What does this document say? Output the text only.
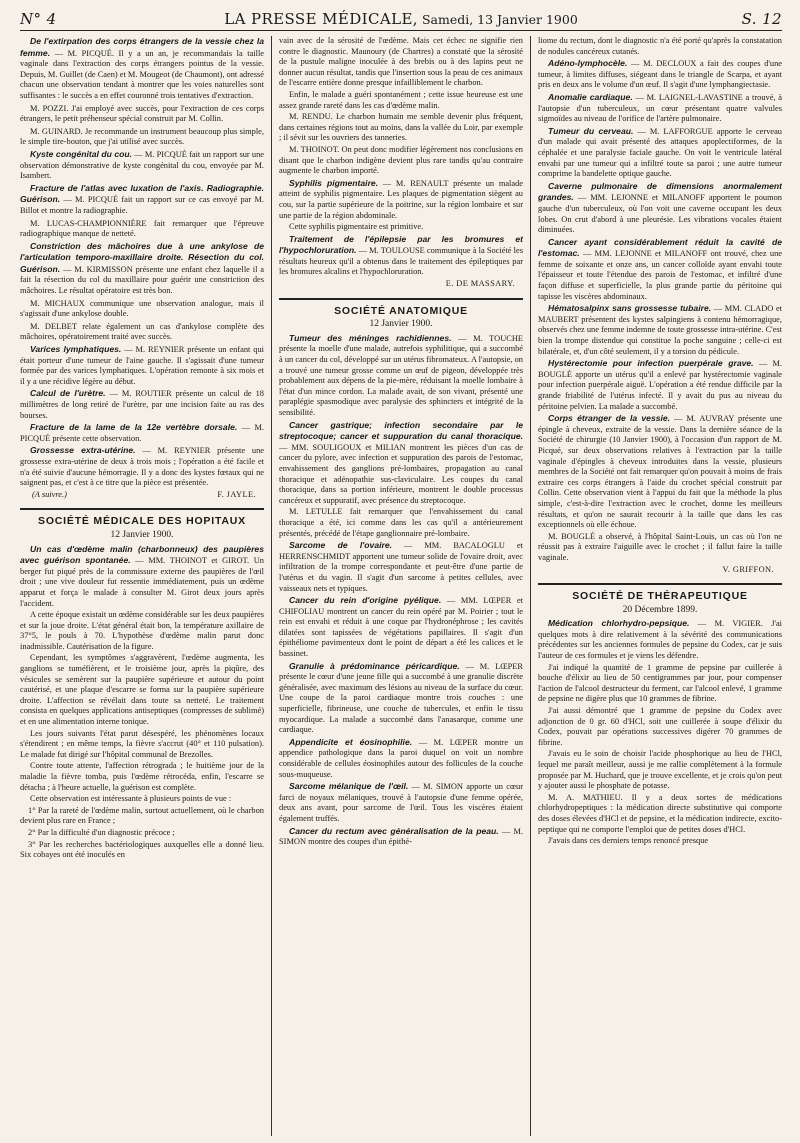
N° 4	LA PRESSE MÉDICALE, Samedi, 13 Janvier 1900	S. 12

De l'extirpation des corps étrangers de la vessie chez la femme. — M. PICQUÉ. Il y a un an, je recommandais la taille vaginale dans l'extraction des corps étrangers pointus de la vessie. Depuis, M. Guillet (de Caen) et M. Mougeot (de Chaumont), ont adressé chacun une observation tendant à montrer que les voies naturelles sont suffisantes : le succès a en effet couronné trois tentatives d'extraction.

M. POZZI. J'ai employé avec succès, pour l'extraction de ces corps étrangers, le petit préhenseur spécial construit par M. Collin.

M. GUINARD. Je recommande un instrument beaucoup plus simple, le simple tire-bouton, que j'ai utilisé avec succès.

Kyste congénital du cou. — M. PICQUÉ fait un rapport sur une observation démonstrative de kyste congénital du cou, envoyée par M. Isambert.

Fracture de l'atlas avec luxation de l'axis. Radiographie. Guérison. — M. PICQUÉ fait un rapport sur ce cas envoyé par M. Billot et montre la radiographie.

M. LUCAS-CHAMPIONNIÈRE fait remarquer que l'épreuve radiographique manque de netteté.

Constriction des mâchoires due à une ankylose de l'articulation temporo-maxillaire droite. Résection du col. Guérison. — M. KIRMISSON présente une enfant chez laquelle il a fait la résection du col du maxillaire pour guérir une constriction des mâchoires. Le résultat opératoire est très bon.

M. MICHAUX communique une observation analogue, mais il s'agissait d'une ankylose double.

M. DELBET relate également un cas d'ankylose complète des mâchoires, opératoirement traité avec succès.

Varices lymphatiques. — M. REYNIER présente un enfant qui était porteur d'une tumeur de l'aine gauche. Il s'agissait d'une tumeur formée par des varices lymphatiques. L'opération remonte à six mois et il y a une récidive légère au début.

Calcul de l'urètre. — M. ROUTIER présente un calcul de 18 millimètres de long retiré de l'urètre, par une incision faite au ras des bourses.

Fracture de la lame de la 12e vertèbre dorsale. — M. PICQUÉ présente cette observation.

Grossesse extra-utérine. — M. REYNIER présente une grossesse extra-utérine de deux à trois mois ; l'opération a été facile et n'a été suivie d'aucune hémorragie. Il y a donc des kystes fœtaux qui ne saignent pas, et c'est à ce titre que la pièce est présentée.

(A suivre.)	F. JAYLE.
SOCIÉTÉ MÉDICALE DES HOPITAUX
12 Janvier 1900.

Un cas d'œdème malin (charbonneux) des paupières avec guérison spontanée. — MM. THOINOT et GIROT. Un berger fut piqué près de la commissure externe des paupières de l'œil droit ; une vive douleur fut ressentie immédiatement, puis un œdème apparut et força le malade à consulter M. Girot deux jours après l'accident.

A cette époque existait un œdème considérable sur les deux paupières et sur la joue droite. L'état général était bon, la température axillaire de 37°5, le pouls à 70. L'hypothèse d'œdème malin parut donc inadmissible. Cautérisation de la figure.

Cependant, les symptômes s'aggravèrent, l'œdème augmenta, les ganglions se tuméfièrent, et le troisième jour, après la piqûre, des vésicules se semèrent sur la paupière supérieure et autour du point cautérisé, et une plaque d'escarre se forma sur la paupière supérieure droite. L'affection se révélait dans toute sa netteté. Le traitement consista en quelques applications antiseptiques (compresses de sublimé) et en une alimentation interne tonique.

Les jours suivants l'état parut désespéré, les phénomènes locaux s'étendirent ; en même temps, la fièvre s'accrut (40° et 110 pulsation). Le malade fut dirigé sur l'hôpital communal de Brezolles.

Contre toute attente, l'affection rétrograda ; le huitième jour de la maladie la fièvre tomba, puis l'œdème rétrocéda, enfin, l'escarre se détacha ; à l'heure actuelle, la guérison est complète.

Cette observation est intéressante à plusieurs points de vue :

1° Par la rareté de l'œdème malin, surtout actuellement, où le charbon devient plus rare en France ;

2° Par la difficulté d'un diagnostic précoce ;

3° Par les recherches bactériologiques auxquelles elle a donné lieu. Six cobayes ont été inoculés en

vain avec de la sérosité de l'œdème. Mais cet échec ne signifie rien contre le diagnostic. Maunoury (de Chartres) a constaté que la sérosité de la pustule maligne inoculée à des brebis ou à des lapins peut ne donner aucun résultat, tandis que l'insertion sous la peau de ces animaux de l'escarre entière donne presque infailliblement le charbon.

Enfin, le malade a guéri spontanément ; cette issue heureuse est une assez grande rareté dans les cas d'œdème malin.

M. RENDU. Le charbon humain me semble devenir plus fréquent, dans certaines régions tout au moins, dans la vallée du Loir, par exemple ; il sévit sur les ouvriers des tanneries.

M. THOINOT. On peut donc modifier légèrement nos conclusions en disant que le charbon indigène devient plus rare tandis qu'au contraire augmente le charbon importé.

Syphilis pigmentaire. — M. RENAULT présente un malade atteint de syphilis pigmentaire. Les plaques de pigmentation siègent au cou, sur la partie supérieure de la poitrine, sur la région lombaire et sur une partie de la région abdominale.

Cette syphilis pigmentaire est primitive.

Traitement de l'épilepsie par les bromures et l'hypochloruration. — M. TOULOUSE communique à la Société les résultats heureux qu'il a obtenus dans le traitement des épileptiques par les bromures alcalins et l'hypochloruration.

E. DE MASSARY.
SOCIÉTÉ ANATOMIQUE
12 Janvier 1900.

Tumeur des méninges rachidiennes. — M. TOUCHE présente la moelle d'une malade, autrefois syphilitique, qui a succombé à un cancer du col, développé sur un utérus fibromateux. A l'autopsie, on a trouvé une tumeur grosse comme un œuf de pigeon, développée très probablement aux dépens de la pie-mère, réduisant la moelle lombaire à l'état d'un mince cordon. La malade avait, de son vivant, présenté une paraplégie spasmodique avec paralysie des sphincters et intégrité de la sensibilité.

Cancer gastrique; infection secondaire par le streptocoque; cancer et suppuration du canal thoracique. — MM. SOULIGOUX et MILIAN montrent les pièces d'un cas de cancer du pylore, avec infection et suppuration des parois de l'estomac, envahissement des ganglions pré-lombaires, propagation au canal thoracique et adénopathie sus-claviculaire. Les coupes du canal thoracique, dans sa portion inférieure, montrent le double processus cancéreux et suppuratif, avec présence du streptocoque.

M. LETULLE fait remarquer que l'envahissement du canal thoracique a été, ici comme dans les cas qu'il a antérieurement présentés, précédé de l'étape ganglionnaire pré-lombaire.

Sarcome de l'ovaire. — MM. BACALOGLU et HERRENSCHMIDT apportent une tumeur solide de l'ovaire droit, avec infiltration de la trompe correspondante et peut-être d'une partie de l'utérus et du vagin. Il s'agit d'un sarcome à petites cellules, avec vaisseaux nets et typiques.

Cancer du rein d'origine pyélique. — MM. LŒPER et CHIFOLIAU montrent un cancer du rein opéré par M. Poirier ; tout le rein est envahi et réduit à une coque par l'hydronéphrose ; les cavités dilatées sont tapissées de végétations papillaires. Il s'agit d'un épithéliome pavimenteux dont le point de départ a été les calices et le bassinet.

Granulie à prédominance péricardique. — M. LŒPER présente le cœur d'une jeune fille qui a succombé à une granulie discrète généralisée, avec maximum des lésions au niveau de la surface du cœur. Une coupe de la paroi cardiaque montre trois couches : une superficielle, fibrineuse, une couche de tubercules, et enfin le tissu myocardique. La malade a succombé dans l'anasarque, comme une cardiaque.

Appendicite et éosinophilie. — M. LŒPER montre un appendice pathologique dans la paroi duquel on voit un nombre considérable de cellules éosinophiles autour des follicules de la couche sous-muqueuse.

Sarcome mélanique de l'œil. — M. SIMON apporte un cœur farci de noyaux mélaniques, trouvé à l'autopsie d'une femme opérée, deux ans avant, pour sarcome de l'œil. Tous les viscères étaient également truffés.

Cancer du rectum avec généralisation de la peau. — M. SIMON montre des coupes d'un épithé-

liome du rectum, dont le diagnostic n'a été porté qu'après la constatation de nodules cancéreux cutanés.

Adéno-lymphocèle. — M. DECLOUX a fait des coupes d'une tumeur, à limites diffuses, siégeant dans le triangle de Scarpa, et ayant pris en deux ans le volume d'un œuf. Il s'agit d'une lymphangiectasie.

Anomalie cardiaque. — M. LAIGNEL-LAVASTINE a trouvé, à l'autopsie d'un tuberculeux, un cœur présentant quatre valvules sigmoïdes au niveau de l'orifice de l'artère pulmonaire.

Tumeur du cerveau. — M. LAFFORGUE apporte le cerveau d'un malade qui avait présenté des attaques apoplectiformes, de la céphalée et une paralysie faciale gauche. On voit le ventricule latéral envahi par une tumeur qui a infiltré toute sa paroi ; une autre tumeur comprime la bandelette optique gauche.

Caverne pulmonaire de dimensions anormalement grandes. — MM. LEJONNE et MILANOFF apportent le poumon gauche d'un tuberculeux, où l'on voit une caverne occupant les deux lobes. On crut d'abord à une pleurésie. Les vibrations vocales étaient diminuées.

Cancer ayant considérablement réduit la cavité de l'estomac. — MM. LEJONNE et MILANOFF ont trouvé, chez une femme de soixante et onze ans, un cancer colloïde ayant envahi toute l'épaisseur et toute l'étendue des parois de l'estomac, et infiltré d'une façon diffuse et superficielle, la plus grande partie du péritoine qui tapisse les viscères abdominaux.

Hématosalpinx sans grossesse tubaire. — MM. CLADO et MAUBERT présentent des kystes salpingiens à contenu hémorragique, observés chez une femme indemne de toute grossesse intra-utérine. C'est bien la trompe distendue qui constitue la poche sanguine ; celle-ci est bilatérale, et, d'un côté seulement, il y a torsion du pédicule.

Hystérectomie pour infection puerpérale grave. — M. BOUGLÉ apporte un utérus qu'il a enlevé par hystérectomie vaginale pour infection puerpérale aiguë. L'opération a été rendue difficile par la grande friabilité de l'utérus infecté. Il y avait du pus au niveau du péritoine pelvien. La malade a succombé.

Corps étranger de la vessie. — M. AUVRAY présente une épingle à cheveux, extraite de la vessie. Dans la dernière séance de la Société de chirurgie (10 Janvier 1900), à l'occasion d'un rapport de M. Picqué, sur deux observations relatives à l'extraction par la taille vaginale d'épingles à cheveux introduites dans la vessie, plusieurs membres de la Société ont fait remarquer qu'on pouvait à moins de frais extraire ces corps étrangers à l'aide du crochet spécial construit par Collin. Cette observation vient à l'appui du fait que la méthode la plus simple, c'est-à-dire l'extraction avec le crochet, donne les meilleurs résultats, et qu'on ne saurait recourir à la taille que dans les cas exceptionnels où elle échoue.

M. BOUGLÉ a observé, à l'hôpital Saint-Louis, un cas où l'on ne réussit pas à extraire l'aiguille avec le crochet ; il fallut faire la taille vaginale.

V. GRIFFON.
SOCIÉTÉ DE THÉRAPEUTIQUE
20 Décembre 1899.

Médication chlorhydro-pepsique. — M. VIGIER. J'ai quelques mots à dire relativement à la sévérité des communications précédentes sur les anciennes formules de pepsine du Codex, car je suis l'auteur de ces formules et je viens les défendre.

J'ai indiqué la quantité de 1 gramme de pepsine par cuillerée à bouche d'élixir au lieu de 50 centigrammes par jour, pour compenser l'action de l'alcool destructeur du ferment, car l'alcool enlevé, 1 gramme de pepsine ne digère plus que 10 grammes de fibrine.

J'ai aussi démontré que 1 gramme de pepsine du Codex avec adjonction de 0 gr. 60 d'HCl, soit une cuillerée à soupe d'élixir du Codex, pouvait par opérations successives digérer 70 grammes de fibrine.

J'avais eu le soin de choisir l'acide phosphorique au lieu de l'HCl, lequel me paraît meilleur, aussi je me rallie complètement à la formule proposée par M. Huchard, que je trouve excellente, et je crois qu'on peut y ajouter aussi le phosphate de potasse.

M. A. MATHIEU. Il y a deux sortes de médications chlorhydropeptiques : la médication directe substitutive qui comporte des doses élevées d'HCl et de pepsine, et la médication indirecte, excito-peptique qui ne comporte l'emploi que de petites doses d'HCl.

J'avais dans ces derniers temps renoncé presque
